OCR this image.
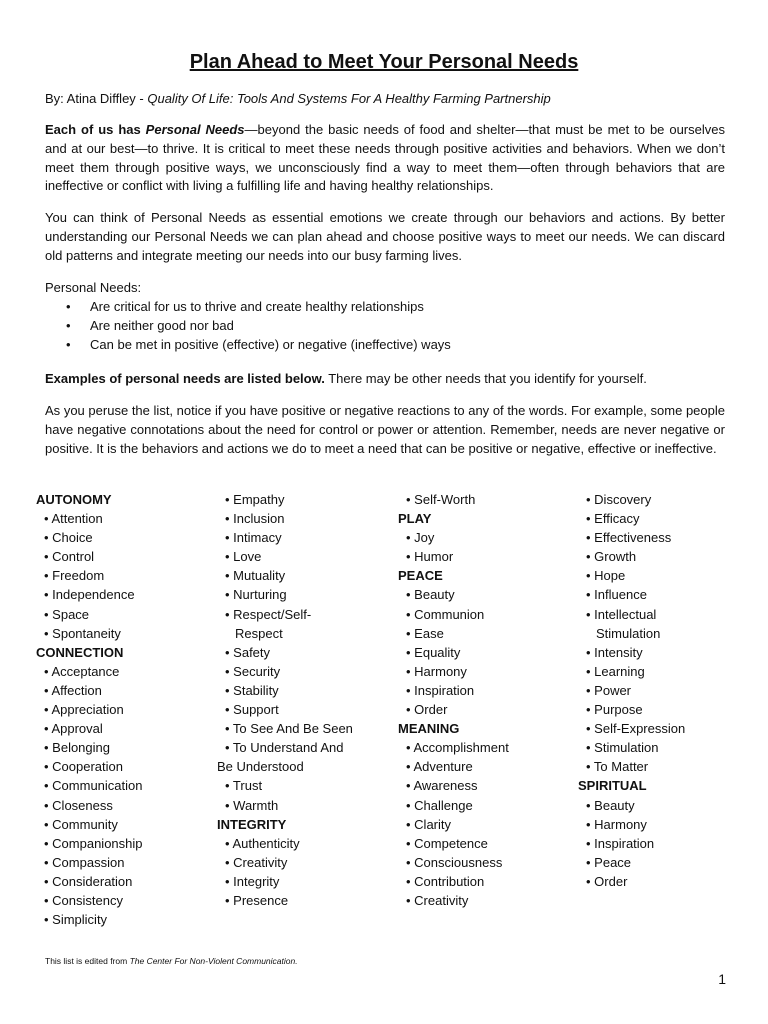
Plan Ahead to Meet Your Personal Needs
By: Atina Diffley - Quality Of Life: Tools And Systems For A Healthy Farming Partnership
Each of us has Personal Needs—beyond the basic needs of food and shelter—that must be met to be ourselves and at our best—to thrive. It is critical to meet these needs through positive activities and behaviors. When we don’t meet them through positive ways, we unconsciously find a way to meet them—often through behaviors that are ineffective or conflict with living a fulfilling life and having healthy relationships.
You can think of Personal Needs as essential emotions we create through our behaviors and actions. By better understanding our Personal Needs we can plan ahead and choose positive ways to meet our needs. We can discard old patterns and integrate meeting our needs into our busy farming lives.
Personal Needs:
• Are critical for us to thrive and create healthy relationships
• Are neither good nor bad
• Can be met in positive (effective) or negative (ineffective) ways
Examples of personal needs are listed below. There may be other needs that you identify for yourself.
As you peruse the list, notice if you have positive or negative reactions to any of the words. For example, some people have negative connotations about the need for control or power or attention. Remember, needs are never negative or positive. It is the behaviors and actions we do to meet a need that can be positive or negative, effective or ineffective.
AUTONOMY
• Attention
• Choice
• Control
• Freedom
• Independence
• Space
• Spontaneity
CONNECTION
• Acceptance
• Affection
• Appreciation
• Approval
• Belonging
• Cooperation
• Communication
• Closeness
• Community
• Companionship
• Compassion
• Consideration
• Consistency
• Simplicity
• Empathy
• Inclusion
• Intimacy
• Love
• Mutuality
• Nurturing
• Respect/Self-
Respect
• Safety
• Security
• Stability
• Support
• To See And Be Seen
• To Understand And
Be Understood
• Trust
• Warmth
INTEGRITY
• Authenticity
• Creativity
• Integrity
• Presence
• Self-Worth
PLAY
• Joy
• Humor
PEACE
• Beauty
• Communion
• Ease
• Equality
• Harmony
• Inspiration
• Order
MEANING
• Accomplishment
• Adventure
• Awareness
• Challenge
• Clarity
• Competence
• Consciousness
• Contribution
• Creativity
• Discovery
• Efficacy
• Effectiveness
• Growth
• Hope
• Influence
• Intellectual
Stimulation
• Intensity
• Learning
• Power
• Purpose
• Self-Expression
• Stimulation
• To Matter
SPIRITUAL
• Beauty
• Harmony
• Inspiration
• Peace
• Order
This list is edited from The Center For Non-Violent Communication.
1
